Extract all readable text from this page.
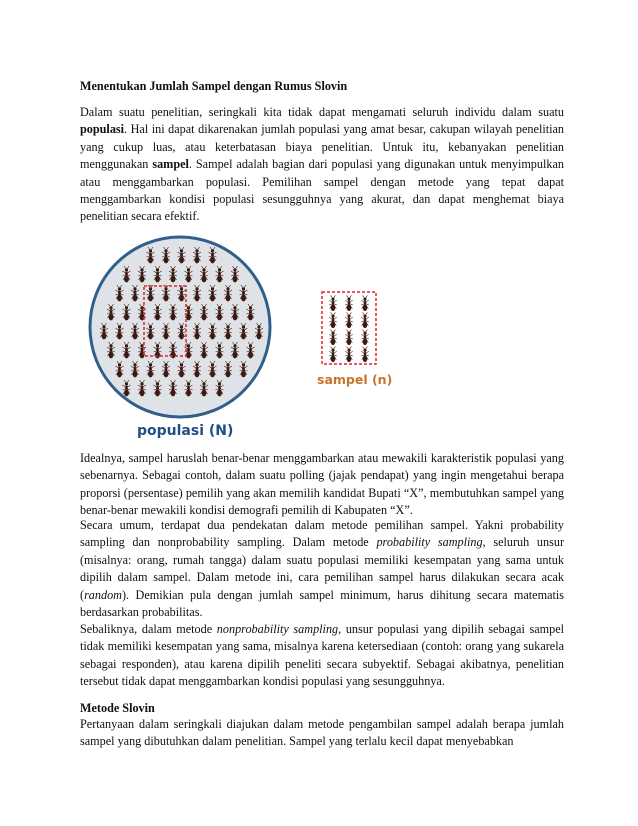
Menentukan Jumlah Sampel dengan Rumus Slovin

Dalam suatu penelitian, seringkali kita tidak dapat mengamati seluruh individu dalam suatu populasi. Hal ini dapat dikarenakan jumlah populasi yang amat besar, cakupan wilayah penelitian yang cukup luas, atau keterbatasan biaya penelitian. Untuk itu, kebanyakan penelitian menggunakan sampel. Sampel adalah bagian dari populasi yang digunakan untuk menyimpulkan atau menggambarkan populasi. Pemilihan sampel dengan metode yang tepat dapat menggambarkan kondisi populasi sesungguhnya yang akurat, dan dapat menghemat biaya penelitian secara efektif.

Idealnya, sampel haruslah benar-benar menggambarkan atau mewakili karakteristik populasi yang sebenarnya. Sebagai contoh, dalam suatu polling (jajak pendapat) yang ingin mengetahui berapa proporsi (persentase) pemilih yang akan memilih kandidat Bupati “X”, membutuhkan sampel yang benar-benar mewakili kondisi demografi pemilih di Kabupaten “X”.

Secara umum, terdapat dua pendekatan dalam metode pemilihan sampel. Yakni probability sampling dan nonprobability sampling. Dalam metode probability sampling, seluruh unsur (misalnya: orang, rumah tangga) dalam suatu populasi memiliki kesempatan yang sama untuk dipilih dalam sampel. Dalam metode ini, cara pemilihan sampel harus dilakukan secara acak (random). Demikian pula dengan jumlah sampel minimum, harus dihitung secara matematis berdasarkan probabilitas.

Sebaliknya, dalam metode nonprobability sampling, unsur populasi yang dipilih sebagai sampel tidak memiliki kesempatan yang sama, misalnya karena ketersediaan (contoh: orang yang sukarela sebagai responden), atau karena dipilih peneliti secara subyektif. Sebagai akibatnya, penelitian tersebut tidak dapat menggambarkan kondisi populasi yang sesungguhnya.

Metode Slovin

Pertanyaan dalam seringkali diajukan dalam metode pengambilan sampel adalah berapa jumlah sampel yang dibutuhkan dalam penelitian. Sampel yang terlalu kecil dapat menyebabkan

sampel (n)
populasi (N)
